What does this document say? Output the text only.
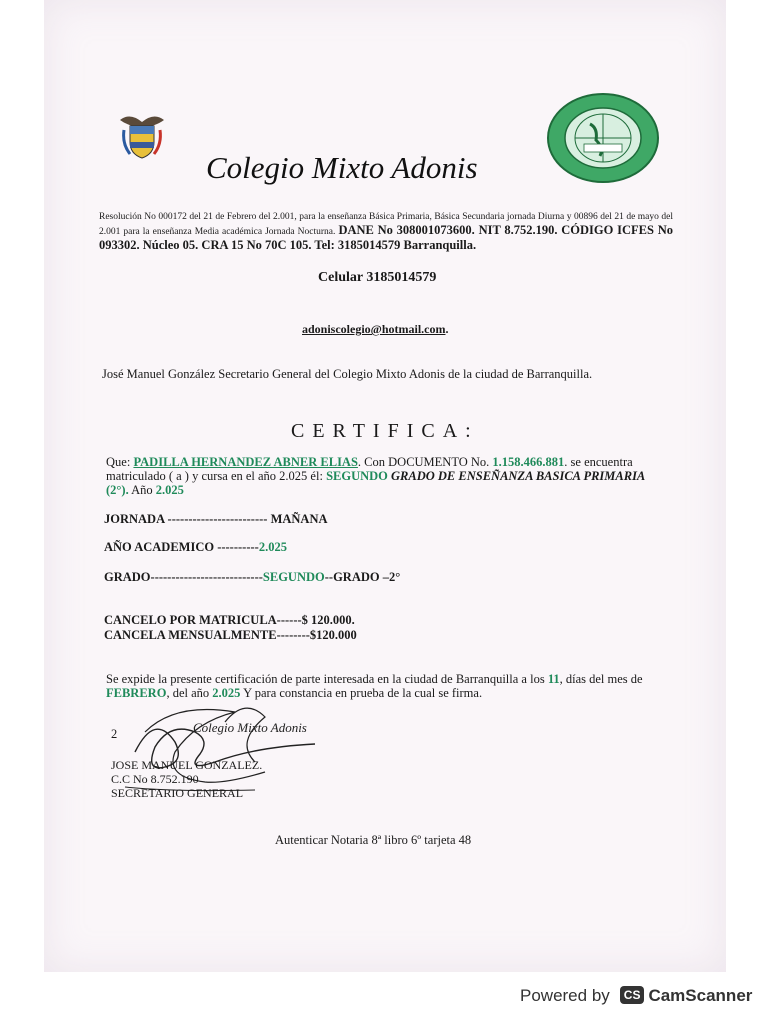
Colegio Mixto Adonis
Resolución No 000172 del 21 de Febrero del 2.001, para la enseñanza Básica Primaria, Básica Secundaria jornada Diurna y 00896 del 21 de mayo del 2.001 para la enseñanza Media académica Jornada Nocturna. DANE No 308001073600. NIT 8.752.190. CÓDIGO ICFES No 093302. Núcleo 05. CRA 15 No 70C 105. Tel: 3185014579 Barranquilla.
Celular 3185014579
adoniscolegio@hotmail.com.
José Manuel González Secretario General del Colegio Mixto Adonis de la ciudad de Barranquilla.
CERTIFICA:
Que: PADILLA HERNANDEZ ABNER ELIAS. Con DOCUMENTO No. 1.158.466.881. se encuentra matriculado ( a ) y cursa en el año 2.025 él: SEGUNDO GRADO DE ENSEÑANZA BASICA PRIMARIA (2°). Año 2.025
JORNADA ------------------------ MAÑANA
AÑO ACADEMICO ----------2.025
GRADO---------------------------SEGUNDO--GRADO –2°
CANCELO POR MATRICULA------$ 120.000.
CANCELA MENSUALMENTE--------$120.000
Se expide la presente certificación de parte interesada en la ciudad de Barranquilla a los 11, días del mes de FEBRERO, del año 2.025 Y para constancia en prueba de la cual se firma.
Colegio Mixto Adonis
2
JOSE MANUEL GONZALEZ.
C.C No 8.752.190
SECRETARIO GENERAL
Autenticar Notaria 8ª libro 6º tarjeta 48
Powered by CS CamScanner
